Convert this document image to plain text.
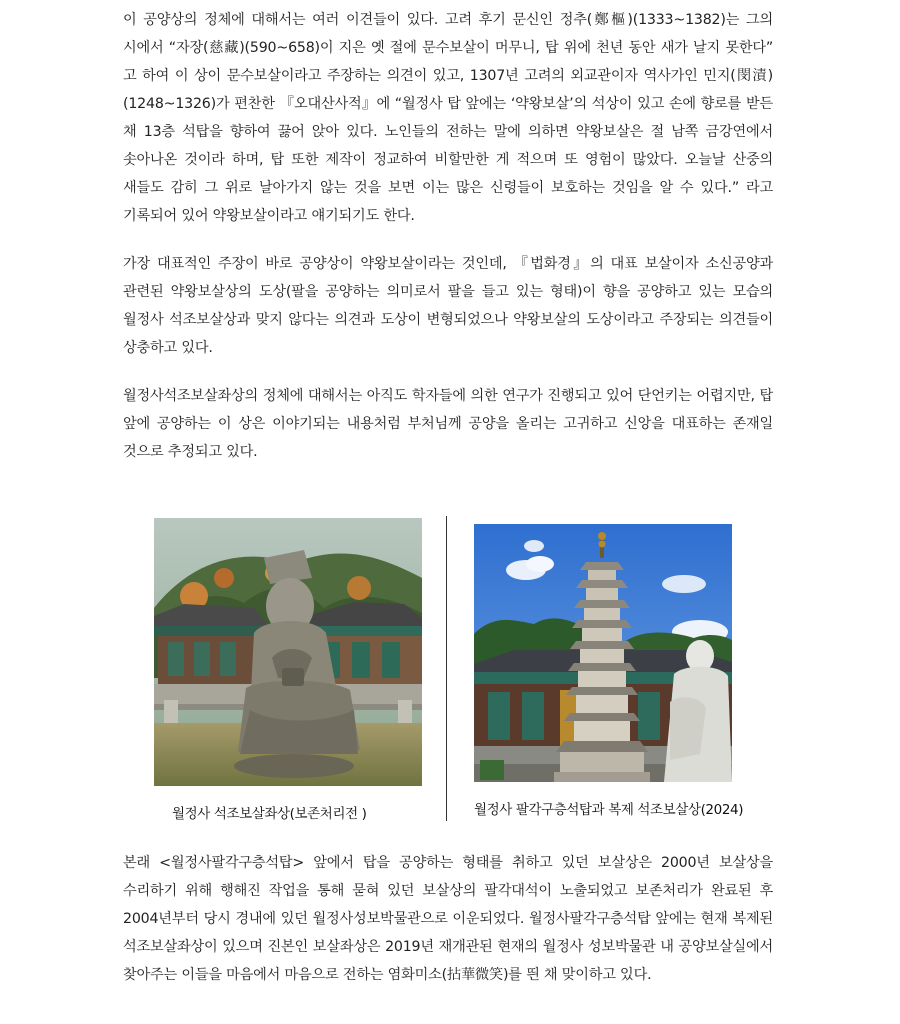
이 공양상의 정체에 대해서는 여러 이견들이 있다. 고려 후기 문신인 정추(鄭樞)(1333~1382)는 그의 시에서 “자장(慈藏)(590~658)이 지은 옛 절에 문수보살이 머무니, 탑 위에 천년 동안 새가 날지 못한다” 고 하여 이 상이 문수보살이라고 주장하는 의견이 있고, 1307년 고려의 외교관이자 역사가인 민지(閔漬)(1248~1326)가 편찬한 『오대산사적』에 “월정사 탑 앞에는 ‘약왕보살’의 석상이 있고 손에 향로를 받든 채 13층 석탑을 향하여 끓어 앉아 있다. 노인들의 전하는 말에 의하면 약왕보살은 절 남쪽 금강연에서 솟아나온 것이라 하며, 탑 또한 제작이 정교하여 비할만한 게 적으며 또 영험이 많았다. 오늘날 산중의 새들도 감히 그 위로 날아가지 않는 것을 보면 이는 많은 신령들이 보호하는 것임을 알 수 있다.” 라고 기록되어 있어 약왕보살이라고 얘기되기도 한다.

가장 대표적인 주장이 바로 공양상이 약왕보살이라는 것인데, 『법화경』의 대표 보살이자 소신공양과 관련된 약왕보살상의 도상(팔을 공양하는 의미로서 팔을 들고 있는 형태)이 향을 공양하고 있는 모습의 월정사 석조보살상과 맞지 않다는 의견과 도상이 변형되었으나 약왕보살의 도상이라고 주장되는 의견들이 상충하고 있다.

월정사석조보살좌상의 정체에 대해서는 아직도 학자들에 의한 연구가 진행되고 있어 단언키는 어렵지만, 탑 앞에 공양하는 이 상은 이야기되는 내용처럼 부처님께 공양을 올리는 고귀하고 신앙을 대표하는 존재일 것으로 추정되고 있다.

월정사 석조보살좌상(보존처리전 )	월정사 팔각구층석탑과 복제 석조보살상(2024)

본래 <월정사팔각구층석탑> 앞에서 탑을 공양하는 형태를 취하고 있던 보살상은 2000년 보살상을 수리하기 위해 행해진 작업을 통해 묻혀 있던 보살상의 팔각대석이 노출되었고 보존처리가 완료된 후 2004년부터 당시 경내에 있던 월정사성보박물관으로 이운되었다. 월정사팔각구층석탑 앞에는 현재 복제된 석조보살좌상이 있으며 진본인 보살좌상은 2019년 재개관된 현재의 월정사 성보박물관 내 공양보살실에서 찾아주는 이들을 마음에서 마음으로 전하는 염화미소(拈華微笑)를 띈 채 맞이하고 있다.
